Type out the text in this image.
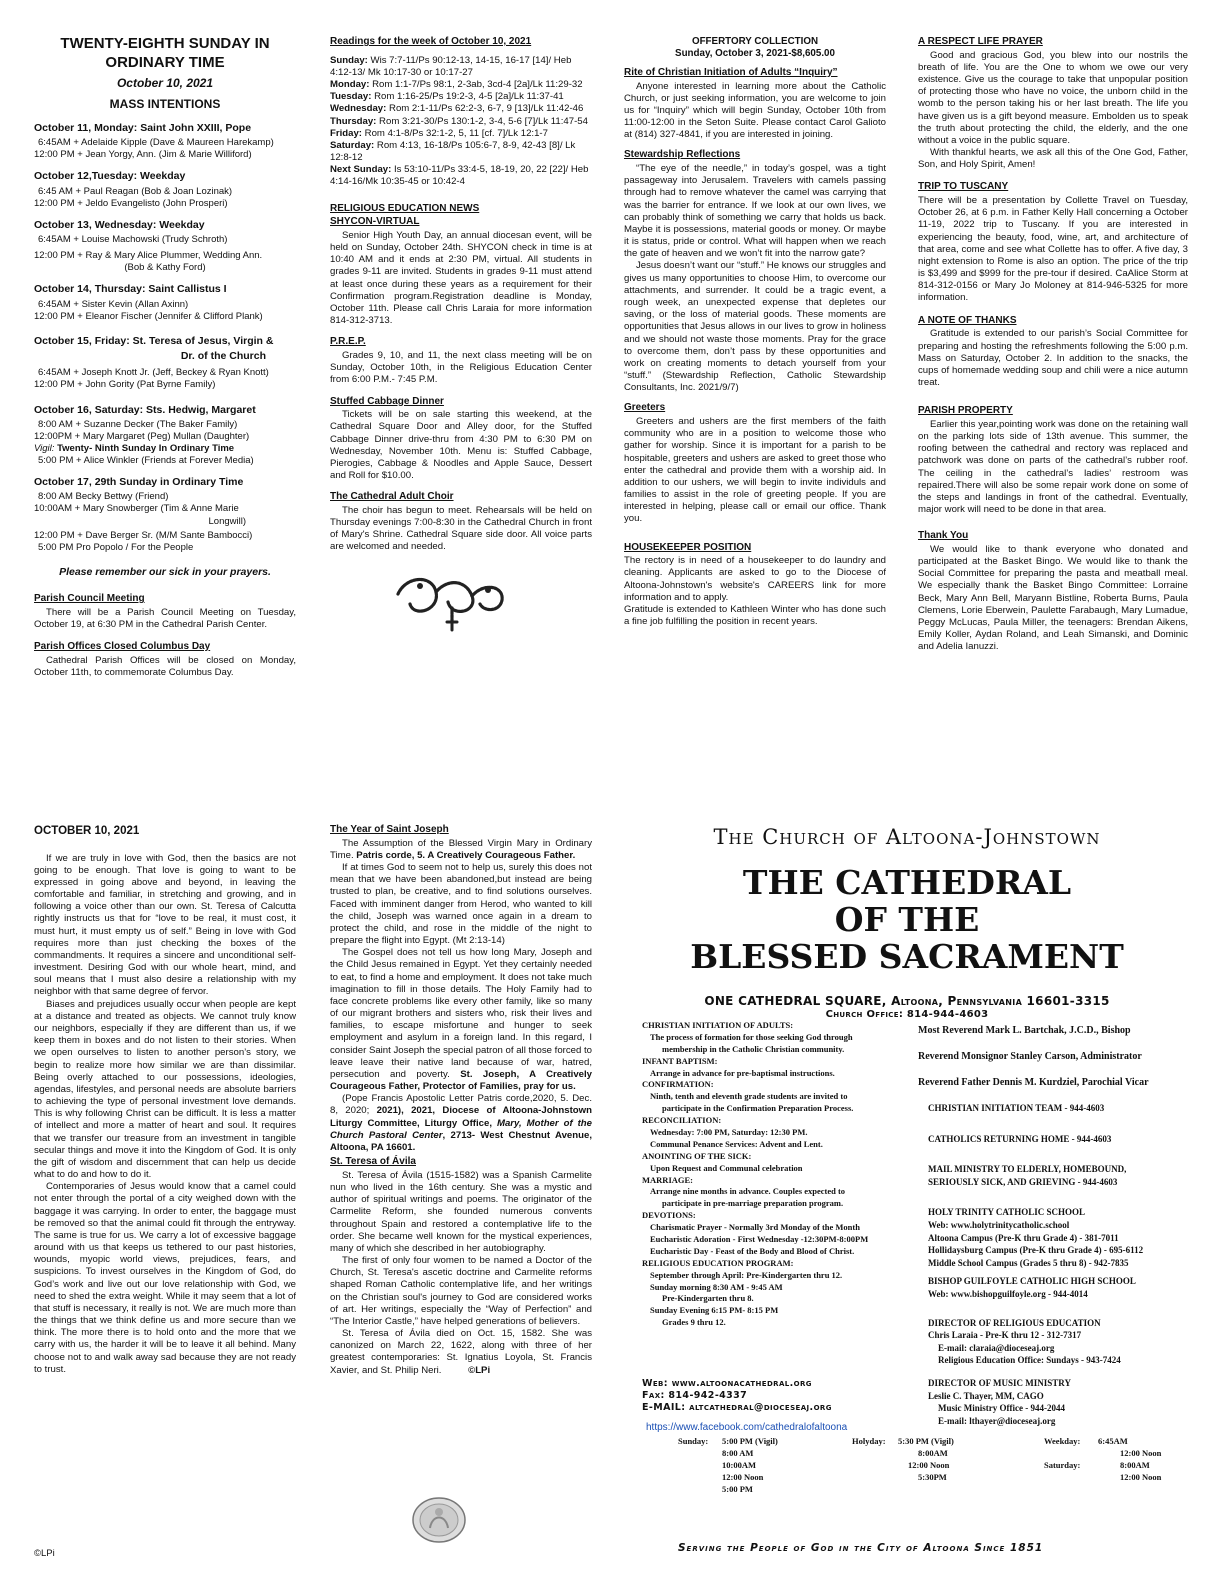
TWENTY-EIGHTH SUNDAY IN ORDINARY TIME
October 10, 2021
MASS INTENTIONS
October 11, Monday: Saint John XXIII, Pope
6:45AM + Adelaide Kipple (Dave & Maureen Harekamp)
12:00 PM + Jean Yorgy, Ann. (Jim & Marie Williford)
October 12,Tuesday: Weekday
6:45 AM + Paul Reagan (Bob & Joan Lozinak)
12:00 PM + Jeldo Evangelisto (John Prosperi)
October 13, Wednesday: Weekday
6:45AM + Louise Machowski (Trudy Schroth)
12:00 PM + Ray & Mary Alice Plummer, Wedding Ann.
(Bob & Kathy Ford)
October 14, Thursday: Saint Callistus I
6:45AM + Sister Kevin (Allan Axinn)
12:00 PM + Eleanor Fischer (Jennifer & Clifford Plank)
October 15, Friday: St. Teresa of Jesus, Virgin &
Dr. of the Church
6:45AM + Joseph Knott Jr. (Jeff, Beckey & Ryan Knott)
12:00 PM + John Gority (Pat Byrne Family)
October 16, Saturday: Sts. Hedwig, Margaret
8:00 AM + Suzanne Decker (The Baker Family)
12:00PM + Mary Margaret (Peg) Mullan (Daughter)
Vigil: Twenty- Ninth Sunday In Ordinary Time
5:00 PM + Alice Winkler (Friends at Forever Media)
October 17, 29th Sunday in Ordinary Time
8:00 AM Becky Bettwy (Friend)
10:00AM + Mary Snowberger (Tim & Anne Marie
Longwill)
12:00 PM + Dave Berger Sr. (M/M Sante Bambocci)
5:00 PM Pro Popolo / For the People
Please remember our sick in your prayers.
Parish Council Meeting

There will be a Parish Council Meeting on Tuesday, October 19, at 6:30 PM in the Cathedral Parish Center.

Parish Offices Closed Columbus Day

Cathedral Parish Offices will be closed on Monday, October 11th, to commemorate Columbus Day.

Readings for the week of October 10, 2021

Sunday: Wis 7:7-11/Ps 90:12-13, 14-15, 16-17 [14]/ Heb 4:12-13/ Mk 10:17-30 or 10:17-27

Monday: Rom 1:1-7/Ps 98:1, 2-3ab, 3cd-4 [2a]/Lk 11:29-32

Tuesday: Rom 1:16-25/Ps 19:2-3, 4-5 [2a]/Lk 11:37-41

Wednesday: Rom 2:1-11/Ps 62:2-3, 6-7, 9 [13]/Lk 11:42-46

Thursday: Rom 3:21-30/Ps 130:1-2, 3-4, 5-6 [7]/Lk 11:47-54

Friday: Rom 4:1-8/Ps 32:1-2, 5, 11 [cf. 7]/Lk 12:1-7

Saturday: Rom 4:13, 16-18/Ps 105:6-7, 8-9, 42-43 [8]/ Lk 12:8-12

Next Sunday: Is 53:10-11/Ps 33:4-5, 18-19, 20, 22 [22]/ Heb 4:14-16/Mk 10:35-45 or 10:42-4

RELIGIOUS EDUCATION NEWS
SHYCON-VIRTUAL

Senior High Youth Day, an annual diocesan event, will be held on Sunday, October 24th. SHYCON check in time is at 10:40 AM and it ends at 2:30 PM, virtual. All students in grades 9-11 are invited. Students in grades 9-11 must attend at least once during these years as a requirement for their Confirmation program.Registration deadline is Monday, October 11th. Please call Chris Laraia for more information 814-312-3713.

P.R.E.P.

Grades 9, 10, and 11, the next class meeting will be on Sunday, October 10th, in the Religious Education Center from 6:00 P.M.- 7:45 P.M.

Stuffed Cabbage Dinner

Tickets will be on sale starting this weekend, at the Cathedral Square Door and Alley door, for the Stuffed Cabbage Dinner drive-thru from 4:30 PM to 6:30 PM on Wednesday, November 10th. Menu is: Stuffed Cabbage, Pierogies, Cabbage & Noodles and Apple Sauce, Dessert and Roll for $10.00.

The Cathedral Adult Choir

The choir has begun to meet. Rehearsals will be held on Thursday evenings 7:00-8:30 in the Cathedral Church in front of Mary's Shrine. Cathedral Square side door. All voice parts are welcomed and needed.

OFFERTORY COLLECTION
Sunday, October 3, 2021-$8,605.00
Rite of Christian Initiation of Adults “Inquiry”

Anyone interested in learning more about the Catholic Church, or just seeking information, you are welcome to join us for “Inquiry” which will begin Sunday, October 10th from 11:00-12:00 in the Seton Suite. Please contact Carol Galioto at (814) 327-4841, if you are interested in joining.

Stewardship Reflections

“The eye of the needle,” in today’s gospel, was a tight passageway into Jerusalem. Travelers with camels passing through had to remove whatever the camel was carrying that was the barrier for entrance. If we look at our own lives, we can probably think of something we carry that holds us back. Maybe it is possessions, material goods or money. Or maybe it is status, pride or control. What will happen when we reach the gate of heaven and we won’t fit into the narrow gate?

Jesus doesn’t want our “stuff.” He knows our struggles and gives us many opportunities to choose Him, to overcome our attachments, and surrender. It could be a tragic event, a rough week, an unexpected expense that depletes our saving, or the loss of material goods. These moments are opportunities that Jesus allows in our lives to grow in holiness and we should not waste those moments. Pray for the grace to overcome them, don’t pass by these opportunities and work on creating moments to detach yourself from your “stuff.” (Stewardship Reflection, Catholic Stewardship Consultants, Inc. 2021/9/7)

Greeters

Greeters and ushers are the first members of the faith community who are in a position to welcome those who gather for worship. Since it is important for a parish to be hospitable, greeters and ushers are asked to greet those who enter the cathedral and provide them with a worship aid. In addition to our ushers, we will begin to invite individuls and families to assist in the role of greeting people. If you are interested in helping, please call or email our office. Thank you.

HOUSEKEEPER POSITION

The rectory is in need of a housekeeper to do laundry and cleaning. Applicants are asked to go to the Diocese of Altoona-Johnstown's website's CAREERS link for more information and to apply.

Gratitude is extended to Kathleen Winter who has done such a fine job fulfilling the position in recent years.

A RESPECT LIFE PRAYER

Good and gracious God, you blew into our nostrils the breath of life. You are the One to whom we owe our very existence. Give us the courage to take that unpopular position of protecting those who have no voice, the unborn child in the womb to the person taking his or her last breath. The life you have given us is a gift beyond measure. Embolden us to speak the truth about protecting the child, the elderly, and the one without a voice in the public square.

With thankful hearts, we ask all this of the One God, Father, Son, and Holy Spirit, Amen!

TRIP TO TUSCANY

There will be a presentation by Collette Travel on Tuesday, October 26, at 6 p.m. in Father Kelly Hall concerning a October 11-19, 2022 trip to Tuscany. If you are interested in experiencing the beauty, food, wine, art, and architecture of that area, come and see what Collette has to offer. A five day, 3 night extension to Rome is also an option. The price of the trip is $3,499 and $999 for the pre-tour if desired. CaAlice Storm at 814-312-0156 or Mary Jo Moloney at 814-946-5325 for more information.

A NOTE OF THANKS

Gratitude is extended to our parish’s Social Committee for preparing and hosting the refreshments following the 5:00 p.m. Mass on Saturday, October 2. In addition to the snacks, the cups of homemade wedding soup and chili were a nice autumn treat.

PARISH PROPERTY

Earlier this year,pointing work was done on the retaining wall on the parking lots side of 13th avenue. This summer, the roofing between the cathedral and rectory was replaced and patchwork was done on parts of the cathedral’s rubber roof. The ceiling in the cathedral’s ladies’ restroom was repaired.There will also be some repair work done on some of the steps and landings in front of the cathedral. Eventually, major work will need to be done in that area.

Thank You

We would like to thank everyone who donated and participated at the Basket Bingo. We would like to thank the Social Committee for preparing the pasta and meatball meal. We especially thank the Basket Bingo Committee: Lorraine Beck, Mary Ann Bell, Maryann Bistline, Roberta Burns, Paula Clemens, Lorie Eberwein, Paulette Farabaugh, Mary Lumadue, Peggy McLucas, Paula Miller, the teenagers: Brendan Aikens, Emily Koller, Aydan Roland, and Leah Simanski, and Dominic and Adelia Ianuzzi.

OCTOBER 10, 2021

If we are truly in love with God, then the basics are not going to be enough. That love is going to want to be expressed in going above and beyond, in leaving the comfortable and familiar, in stretching and growing, and in following a voice other than our own. St. Teresa of Calcutta rightly instructs us that for “love to be real, it must cost, it must hurt, it must empty us of self.” Being in love with God requires more than just checking the boxes of the commandments. It requires a sincere and unconditional self-investment. Desiring God with our whole heart, mind, and soul means that I must also desire a relationship with my neighbor with that same degree of fervor.

Biases and prejudices usually occur when people are kept at a distance and treated as objects. We cannot truly know our neighbors, especially if they are different than us, if we keep them in boxes and do not listen to their stories. When we open ourselves to listen to another person’s story, we begin to realize more how similar we are than dissimilar. Being overly attached to our possessions, ideologies, agendas, lifestyles, and personal needs are absolute barriers to achieving the type of personal investment love demands. This is why following Christ can be difficult. It is less a matter of intellect and more a matter of heart and soul. It requires that we transfer our treasure from an investment in tangible secular things and move it into the Kingdom of God. It is only the gift of wisdom and discernment that can help us decide what to do and how to do it.

Contemporaries of Jesus would know that a camel could not enter through the portal of a city weighed down with the baggage it was carrying. In order to enter, the baggage must be removed so that the animal could fit through the entryway. The same is true for us. We carry a lot of excessive baggage around with us that keeps us tethered to our past histories, wounds, myopic world views, prejudices, fears, and suspicions. To invest ourselves in the Kingdom of God, do God’s work and live out our love relationship with God, we need to shed the extra weight. While it may seem that a lot of that stuff is necessary, it really is not. We are much more than the things that we think define us and more secure than we think. The more there is to hold onto and the more that we carry with us, the harder it will be to leave it all behind. Many choose not to and walk away sad because they are not ready to trust.

©LPi
The Year of Saint Joseph

The Assumption of the Blessed Virgin Mary in Ordinary Time. Patris corde, 5. A Creatively Courageous Father.

If at times God to seem not to help us, surely this does not mean that we have been abandoned,but instead are being trusted to plan, be creative, and to find solutions ourselves. Faced with imminent danger from Herod, who wanted to kill the child, Joseph was warned once again in a dream to protect the child, and rose in the middle of the night to prepare the flight into Egypt. (Mt 2:13-14)

The Gospel does not tell us how long Mary, Joseph and the Child Jesus remained in Egypt. Yet they certainly needed to eat, to find a home and employment. It does not take much imagination to fill in those details. The Holy Family had to face concrete problems like every other family, like so many of our migrant brothers and sisters who, risk their lives and families, to escape misfortune and hunger to seek employment and asylum in a foreign land. In this regard, I consider Saint Joseph the special patron of all those forced to leave leave their native land because of war, hatred, persecution and poverty. St. Joseph, A Creatively Courageous Father, Protector of Families, pray for us.

(Pope Francis Apostolic Letter Patris corde,2020, 5. Dec. 8, 2020; 2021), 2021, Diocese of Altoona-Johnstown Liturgy Committee, Liturgy Office, Mary, Mother of the Church Pastoral Center, 2713- West Chestnut Avenue, Altoona, PA 16601.

St. Teresa of Ávila

St. Teresa of Ávila (1515-1582) was a Spanish Carmelite nun who lived in the 16th century. She was a mystic and author of spiritual writings and poems. The originator of the Carmelite Reform, she founded numerous convents throughout Spain and restored a contemplative life to the order. She became well known for the mystical experiences, many of which she described in her autobiography.

The first of only four women to be named a Doctor of the Church, St. Teresa's ascetic doctrine and Carmelite reforms shaped Roman Catholic contemplative life, and her writings on the Christian soul's journey to God are considered works of art. Her writings, especially the “Way of Perfection” and “The Interior Castle,” have helped generations of believers.

St. Teresa of Ávila died on Oct. 15, 1582. She was canonized on March 22, 1622, along with three of her greatest contemporaries: St. Ignatius Loyola, St. Francis Xavier, and St. Philip Neri.	©LPi

The Church of Altoona-Johnstown
THE CATHEDRAL
OF THE
BLESSED SACRAMENT
ONE CATHEDRAL SQUARE, Altoona, Pennsylvania 16601-3315
Church Office: 814-944-4603
CHRISTIAN INITIATION OF ADULTS:
The process of formation for those seeking God through
membership in the Catholic Christian community.
INFANT BAPTISM:
Arrange in advance for pre-baptismal instructions.
CONFIRMATION:
Ninth, tenth and eleventh grade students are invited to
participate in the Confirmation Preparation Process.
RECONCILIATION:
Wednesday: 7:00 PM, Saturday: 12:30 PM.
Communal Penance Services: Advent and Lent.
ANOINTING OF THE SICK:
Upon Request and Communal celebration
MARRIAGE:
Arrange nine months in advance. Couples expected to
participate in pre-marriage preparation program.
DEVOTIONS:
Charismatic Prayer - Normally 3rd Monday of the Month
Eucharistic Adoration - First Wednesday -12:30PM-8:00PM
Eucharistic Day - Feast of the Body and Blood of Christ.
RELIGIOUS EDUCATION PROGRAM:
September through April: Pre-Kindergarten thru 12.
Sunday morning 8:30 AM - 9:45 AM
Pre-Kindergarten thru 8.
Sunday Evening 6:15 PM- 8:15 PM
Grades 9 thru 12.
Most Reverend Mark L. Bartchak, J.C.D., Bishop
Reverend Monsignor Stanley Carson, Administrator
Reverend Father Dennis M. Kurdziel, Parochial Vicar
CHRISTIAN INITIATION TEAM - 944-4603
CATHOLICS RETURNING HOME - 944-4603
MAIL MINISTRY TO ELDERLY, HOMEBOUND,
SERIOUSLY SICK, AND GRIEVING - 944-4603
HOLY TRINITY CATHOLIC SCHOOL
Web: www.holytrinitycatholic.school
Altoona Campus (Pre-K thru Grade 4) - 381-7011
Hollidaysburg Campus (Pre-K thru Grade 4) - 695-6112
Middle School Campus (Grades 5 thru 8) - 942-7835
BISHOP GUILFOYLE CATHOLIC HIGH SCHOOL
Web: www.bishopguilfoyle.org - 944-4014
DIRECTOR OF RELIGIOUS EDUCATION
Chris Laraia - Pre-K thru 12 - 312-7317
E-mail: claraia@dioceseaj.org
Religious Education Office: Sundays - 943-7424
DIRECTOR OF MUSIC MINISTRY
Leslie C. Thayer, MM, CAGO
Music Ministry Office - 944-2044
E-mail: lthayer@dioceseaj.org
Web: www.altoonacathedral.org
Fax: 814-942-4337
E-MAIL: altcathedral@dioceseaj.org
https://www.facebook.com/cathedralofaltoona
Sunday:	5:00 PM (Vigil)
8:00 AM
10:00AM
12:00 Noon
5:00 PM
Holyday:	5:30 PM (Vigil)
8:00AM
12:00 Noon
5:30PM
Weekday:	6:45AM
12:00 Noon
Saturday:	8:00AM
12:00 Noon
Serving the People of God in the City of Altoona Since 1851
